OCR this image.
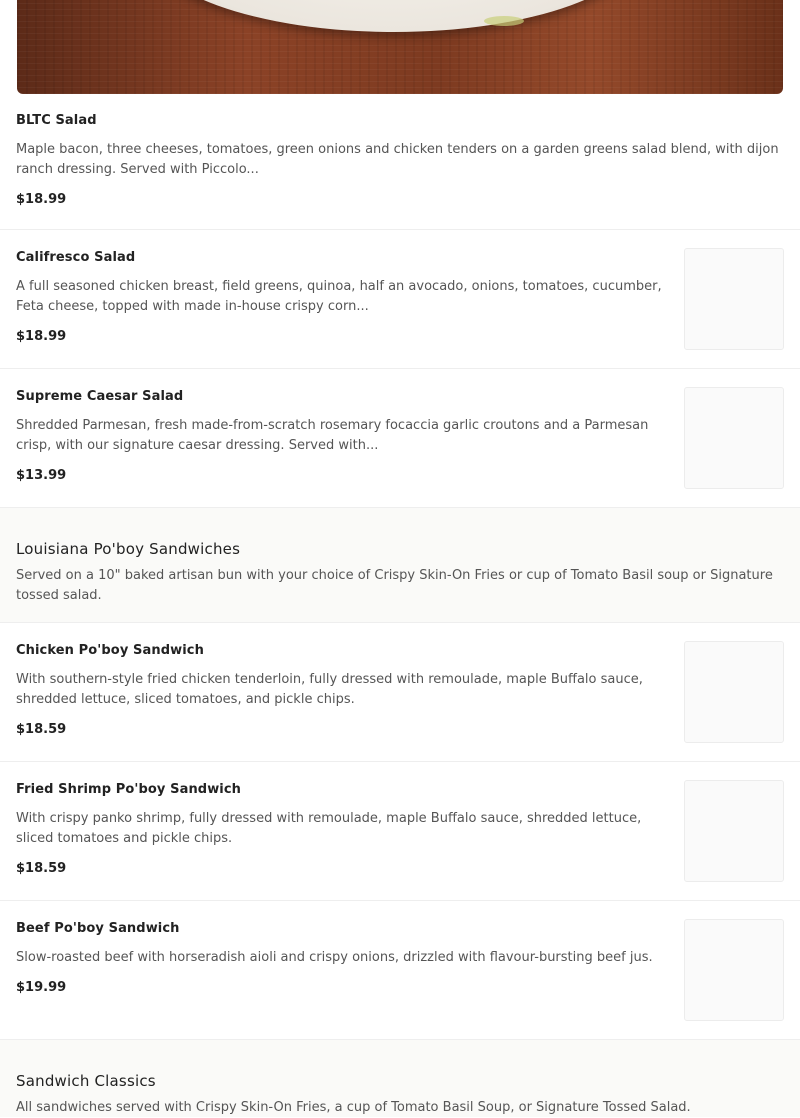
BLTC Salad
Maple bacon, three cheeses, tomatoes, green onions and chicken tenders on a garden greens salad blend, with dijon ranch dressing. Served with Piccolo...
$18.99
Califresco Salad
A full seasoned chicken breast, field greens, quinoa, half an avocado, onions, tomatoes, cucumber, Feta cheese, topped with made in-house crispy corn...
$18.99
Supreme Caesar Salad
Shredded Parmesan, fresh made-from-scratch rosemary focaccia garlic croutons and a Parmesan crisp, with our signature caesar dressing. Served with...
$13.99
Louisiana Po'boy Sandwiches
Served on a 10" baked artisan bun with your choice of Crispy Skin-On Fries or cup of Tomato Basil soup or Signature tossed salad.
Chicken Po'boy Sandwich
With southern-style fried chicken tenderloin, fully dressed with remoulade, maple Buffalo sauce, shredded lettuce, sliced tomatoes, and pickle chips.
$18.59
Fried Shrimp Po'boy Sandwich
With crispy panko shrimp, fully dressed with remoulade, maple Buffalo sauce, shredded lettuce, sliced tomatoes and pickle chips.
$18.59
Beef Po'boy Sandwich
Slow-roasted beef with horseradish aioli and crispy onions, drizzled with flavour-bursting beef jus.
$19.99
Sandwich Classics
All sandwiches served with Crispy Skin-On Fries, a cup of Tomato Basil Soup, or Signature Tossed Salad.
